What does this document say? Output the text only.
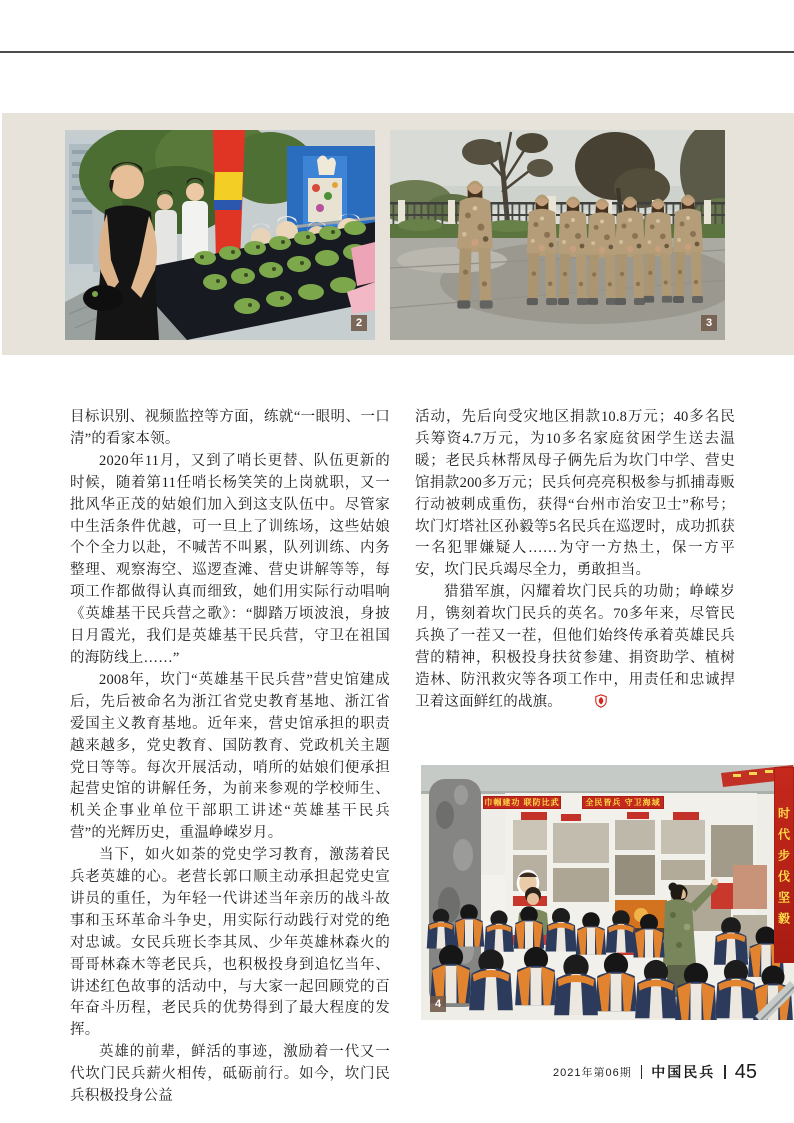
2	3

目标识别、视频监控等方面，练就“一眼明、一口清”的看家本领。

2020年11月，又到了哨长更替、队伍更新的时候，随着第11任哨长杨笑笑的上岗就职，又一批风华正茂的姑娘们加入到这支队伍中。尽管家中生活条件优越，可一旦上了训练场，这些姑娘个个全力以赴，不喊苦不叫累，队列训练、内务整理、观察海空、巡逻查滩、营史讲解等等，每项工作都做得认真而细致，她们用实际行动唱响《英雄基干民兵营之歌》：“脚踏万顷波浪，身披日月霞光，我们是英雄基干民兵营，守卫在祖国的海防线上……”

2008年，坎门“英雄基干民兵营”营史馆建成后，先后被命名为浙江省党史教育基地、浙江省爱国主义教育基地。近年来，营史馆承担的职责越来越多，党史教育、国防教育、党政机关主题党日等等。每次开展活动，哨所的姑娘们便承担起营史馆的讲解任务，为前来参观的学校师生、机关企事业单位干部职工讲述“英雄基干民兵营”的光辉历史，重温峥嵘岁月。

当下，如火如荼的党史学习教育，激荡着民兵老英雄的心。老营长郭口顺主动承担起党史宣讲员的重任，为年轻一代讲述当年亲历的战斗故事和玉环革命斗争史，用实际行动践行对党的绝对忠诚。女民兵班长李其凤、少年英雄林森火的哥哥林森木等老民兵，也积极投身到追忆当年、讲述红色故事的活动中，与大家一起回顾党的百年奋斗历程，老民兵的优势得到了最大程度的发挥。

英雄的前辈，鲜活的事迹，激励着一代又一代坎门民兵薪火相传，砥砺前行。如今，坎门民兵积极投身公益

活动，先后向受灾地区捐款10.8万元；40多名民兵筹资4.7万元，为10多名家庭贫困学生送去温暖；老民兵林帮凤母子俩先后为坎门中学、营史馆捐款200多万元；民兵何亮亮积极参与抓捕毒贩行动被刺成重伤，获得“台州市治安卫士”称号；坎门灯塔社区孙毅等5名民兵在巡逻时，成功抓获一名犯罪嫌疑人……为守一方热土，保一方平安，坎门民兵竭尽全力，勇敢担当。

猎猎军旗，闪耀着坎门民兵的功勋；峥嵘岁月，镌刻着坎门民兵的英名。70多年来，尽管民兵换了一茬又一茬，但他们始终传承着英雄民兵营的精神，积极投身扶贫参建、捐资助学、植树造林、防汛救灾等各项工作中，用责任和忠诚捍卫着这面鲜红的战旗。

巾帼建功 联防比武	全民皆兵 守卫海域
时代步伐坚毅
4
2021年第06期 中国民兵 45
